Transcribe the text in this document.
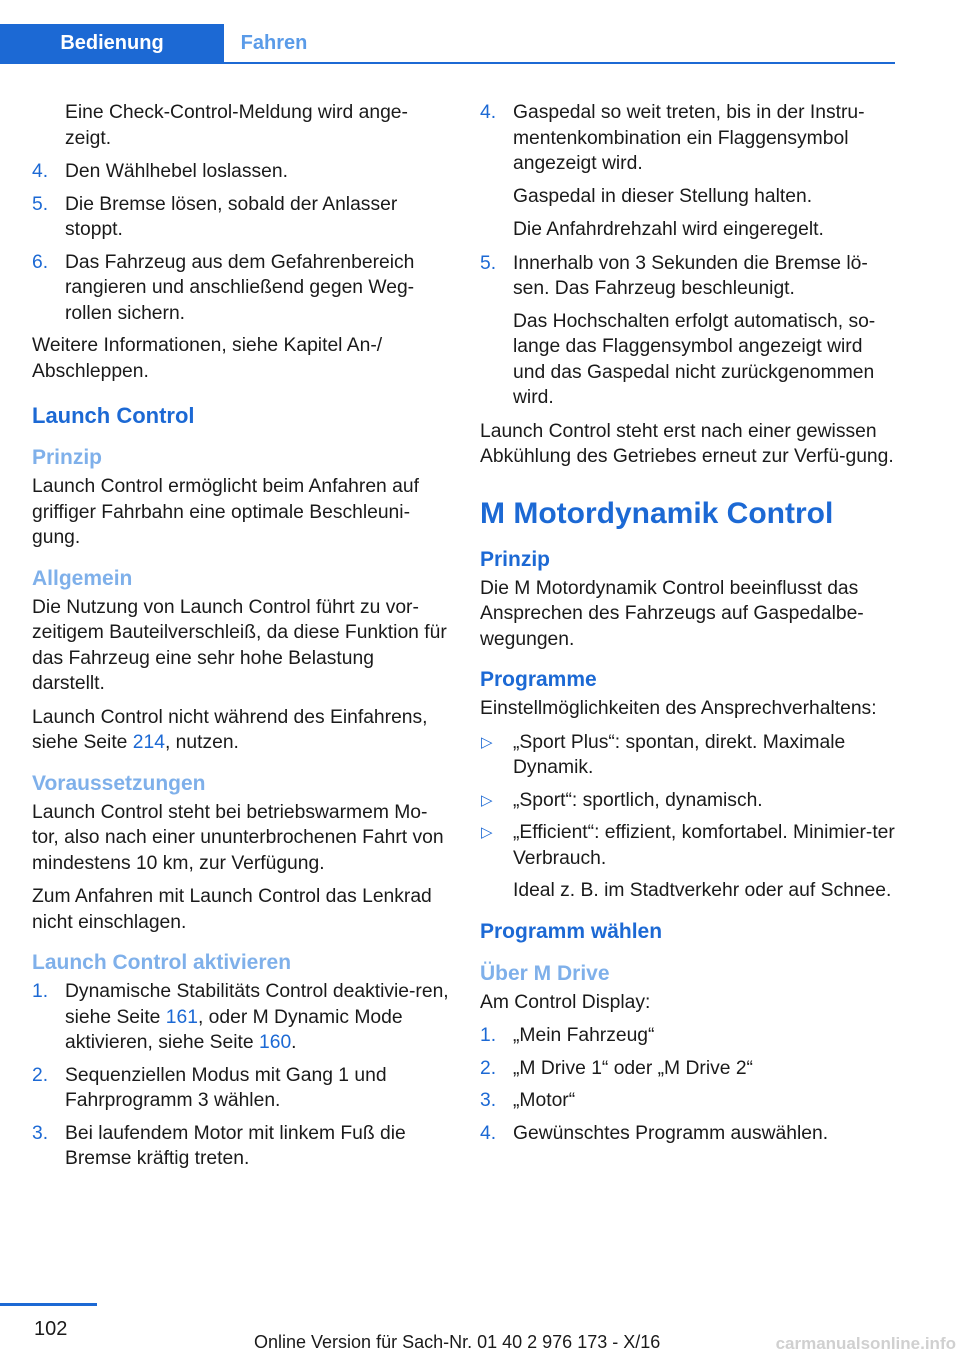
Bedienung	Fahren

Eine Check-Control-Meldung wird ange-zeigt.

4. Den Wählhebel loslassen.
5. Die Bremse lösen, sobald der Anlasser stoppt.
6. Das Fahrzeug aus dem Gefahrenbereich rangieren und anschließend gegen Weg-rollen sichern.

Weitere Informationen, siehe Kapitel An-/ Abschleppen.

Launch Control
Prinzip

Launch Control ermöglicht beim Anfahren auf griffiger Fahrbahn eine optimale Beschleuni-gung.

Allgemein

Die Nutzung von Launch Control führt zu vor-zeitigem Bauteilverschleiß, da diese Funktion für das Fahrzeug eine sehr hohe Belastung darstellt.

Launch Control nicht während des Einfahrens, siehe Seite 214, nutzen.

Voraussetzungen

Launch Control steht bei betriebswarmem Mo-tor, also nach einer ununterbrochenen Fahrt von mindestens 10 km, zur Verfügung.

Zum Anfahren mit Launch Control das Lenkrad nicht einschlagen.

Launch Control aktivieren
1. Dynamische Stabilitäts Control deaktivie-ren, siehe Seite 161, oder M Dynamic Mode aktivieren, siehe Seite 160.
2. Sequenziellen Modus mit Gang 1 und Fahrprogramm 3 wählen.
3. Bei laufendem Motor mit linkem Fuß die Bremse kräftig treten.
4. Gaspedal so weit treten, bis in der Instru-mentenkombination ein Flaggensymbol angezeigt wird.

Gaspedal in dieser Stellung halten.

Die Anfahrdrehzahl wird eingeregelt.

5. Innerhalb von 3 Sekunden die Bremse lö-sen. Das Fahrzeug beschleunigt.

Das Hochschalten erfolgt automatisch, so-lange das Flaggensymbol angezeigt wird und das Gaspedal nicht zurückgenommen wird.

Launch Control steht erst nach einer gewissen Abkühlung des Getriebes erneut zur Verfü-gung.

M Motordynamik Control
Prinzip

Die M Motordynamik Control beeinflusst das Ansprechen des Fahrzeugs auf Gaspedalbe-wegungen.

Programme

Einstellmöglichkeiten des Ansprechverhaltens:

▷ „Sport Plus“: spontan, direkt. Maximale Dynamik.
▷ „Sport“: sportlich, dynamisch.
▷ „Efficient“: effizient, komfortabel. Minimier-ter Verbrauch.

Ideal z. B. im Stadtverkehr oder auf Schnee.

Programm wählen
Über M Drive

Am Control Display:

1. „Mein Fahrzeug“
2. „M Drive 1“ oder „M Drive 2“
3. „Motor“
4. Gewünschtes Programm auswählen.
102
Online Version für Sach-Nr. 01 40 2 976 173 - X/16	carmanualsonline.info
